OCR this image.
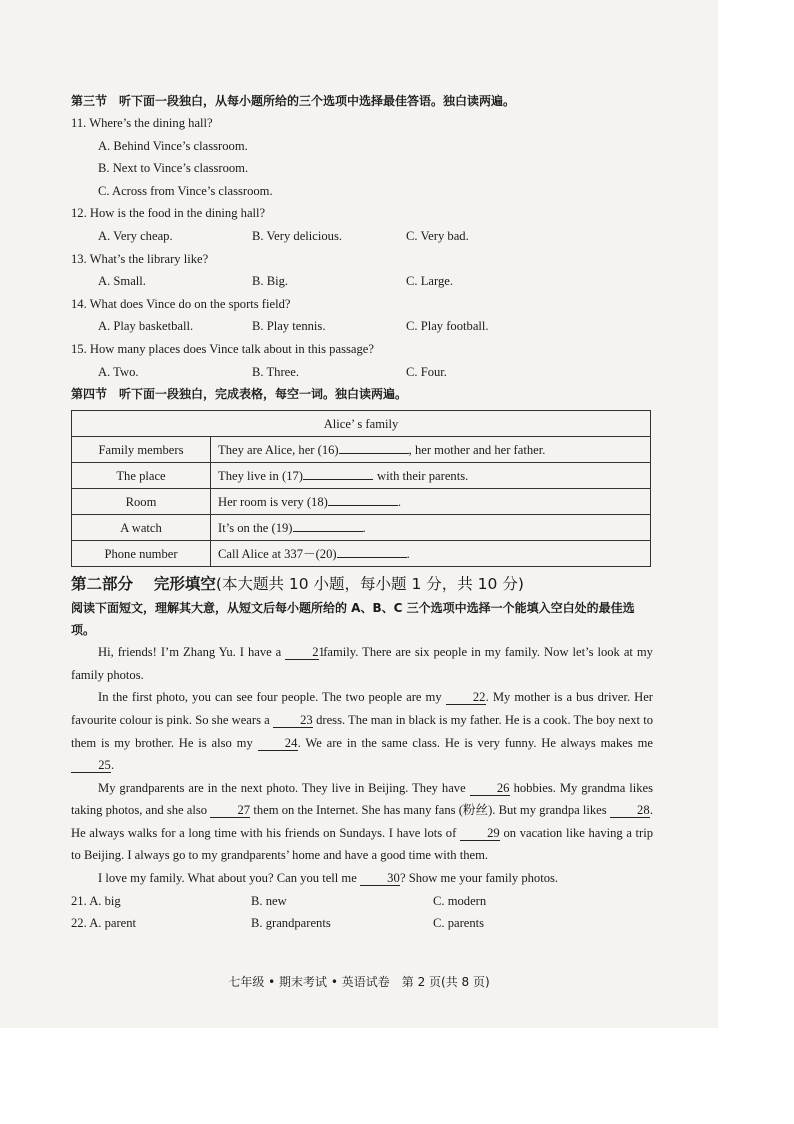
第三节　听下面一段独白，从每小题所给的三个选项中选择最佳答语。独白读两遍。
11. Where’s the dining hall?
A. Behind Vince’s classroom.
B. Next to Vince’s classroom.
C. Across from Vince’s classroom.
12. How is the food in the dining hall?
A. Very cheap.	B. Very delicious.	C. Very bad.
13. What’s the library like?
A. Small.	B. Big.	C. Large.
14. What does Vince do on the sports field?
A. Play basketball.	B. Play tennis.	C. Play football.
15. How many places does Vince talk about in this passage?
A. Two.	B. Three.	C. Four.
第四节　听下面一段独白，完成表格，每空一词。独白读两遍。
Alice’ s family	
Family members	They are Alice, her (16) , her mother and her father.
The place	They live in (17) with their parents.
Room	Her room is very (18) .
A watch	It’s on the (19) .
Phone number	Call Alice at 337－(20) .
第二部分　 完形填空(本大题共 10 小题，每小题 1 分，共 10 分)
阅读下面短文，理解其大意，从短文后每小题所给的 A、B、C 三个选项中选择一个能填入空白处的最佳选项。
Hi, friends! I’m Zhang Yu. I have a 21 family. There are six people in my family. Now let’s look at my family photos.
In the first photo, you can see four people. The two people are my 22. My mother is a bus driver. Her favourite colour is pink. So she wears a 23 dress. The man in black is my father. He is a cook. The boy next to them is my brother. He is also my	24. We are in the same class. He is very funny. He always makes me 25.
My grandparents are in the next photo. They live in Beijing. They have 26 hobbies. My grandma likes taking photos, and she also 27 them on the Internet. She has many fans (粉丝). But my grandpa likes 28. He always walks for a long time with his friends on Sundays. I have lots of 29 on vacation like having a trip to Beijing. I always go to my grandparents’ home and have a good time with them.
I love my family. What about you? Can you tell me 30? Show me your family photos.
21. A. big	B. new	C. modern
22. A. parent	B. grandparents	C. parents
七年级 • 期末考试 • 英语试卷　第 2 页(共 8 页)
